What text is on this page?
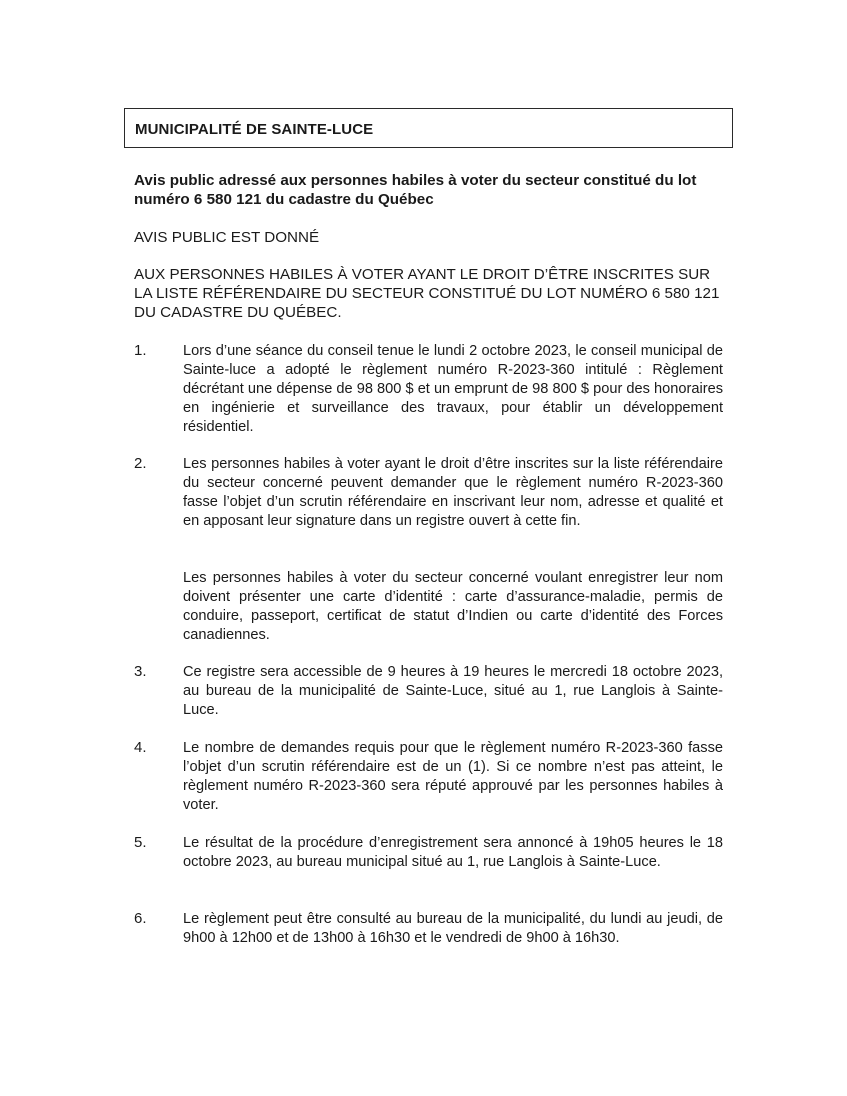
MUNICIPALITÉ DE SAINTE-LUCE
Avis public adressé aux personnes habiles à voter du secteur constitué du lot numéro 6 580 121 du cadastre du Québec
AVIS PUBLIC EST DONNÉ
AUX PERSONNES HABILES À VOTER AYANT LE DROIT D’ÊTRE INSCRITES SUR LA LISTE RÉFÉRENDAIRE DU SECTEUR CONSTITUÉ DU LOT NUMÉRO 6 580 121 DU CADASTRE DU QUÉBEC.
1. Lors d’une séance du conseil tenue le lundi 2 octobre 2023, le conseil municipal de Sainte-luce a adopté le règlement numéro R-2023-360 intitulé : Règlement décrétant une dépense de 98 800 $ et un emprunt de 98 800 $ pour des honoraires en ingénierie et surveillance des travaux, pour établir un développement résidentiel.
2. Les personnes habiles à voter ayant le droit d’être inscrites sur la liste référendaire du secteur concerné peuvent demander que le règlement numéro R-2023-360 fasse l’objet d’un scrutin référendaire en inscrivant leur nom, adresse et qualité et en apposant leur signature dans un registre ouvert à cette fin.
Les personnes habiles à voter du secteur concerné voulant enregistrer leur nom doivent présenter une carte d’identité : carte d’assurance-maladie, permis de conduire, passeport, certificat de statut d’Indien ou carte d’identité des Forces canadiennes.
3. Ce registre sera accessible de 9 heures à 19 heures le mercredi 18 octobre 2023, au bureau de la municipalité de Sainte-Luce, situé au 1, rue Langlois à Sainte-Luce.
4. Le nombre de demandes requis pour que le règlement numéro R-2023-360 fasse l’objet d’un scrutin référendaire est de un (1). Si ce nombre n’est pas atteint, le règlement numéro R-2023-360 sera réputé approuvé par les personnes habiles à voter.
5. Le résultat de la procédure d’enregistrement sera annoncé à 19h05 heures le 18 octobre 2023, au bureau municipal situé au 1, rue Langlois à Sainte-Luce.
6. Le règlement peut être consulté au bureau de la municipalité, du lundi au jeudi, de 9h00 à 12h00 et de 13h00 à 16h30 et le vendredi de 9h00 à 16h30.
